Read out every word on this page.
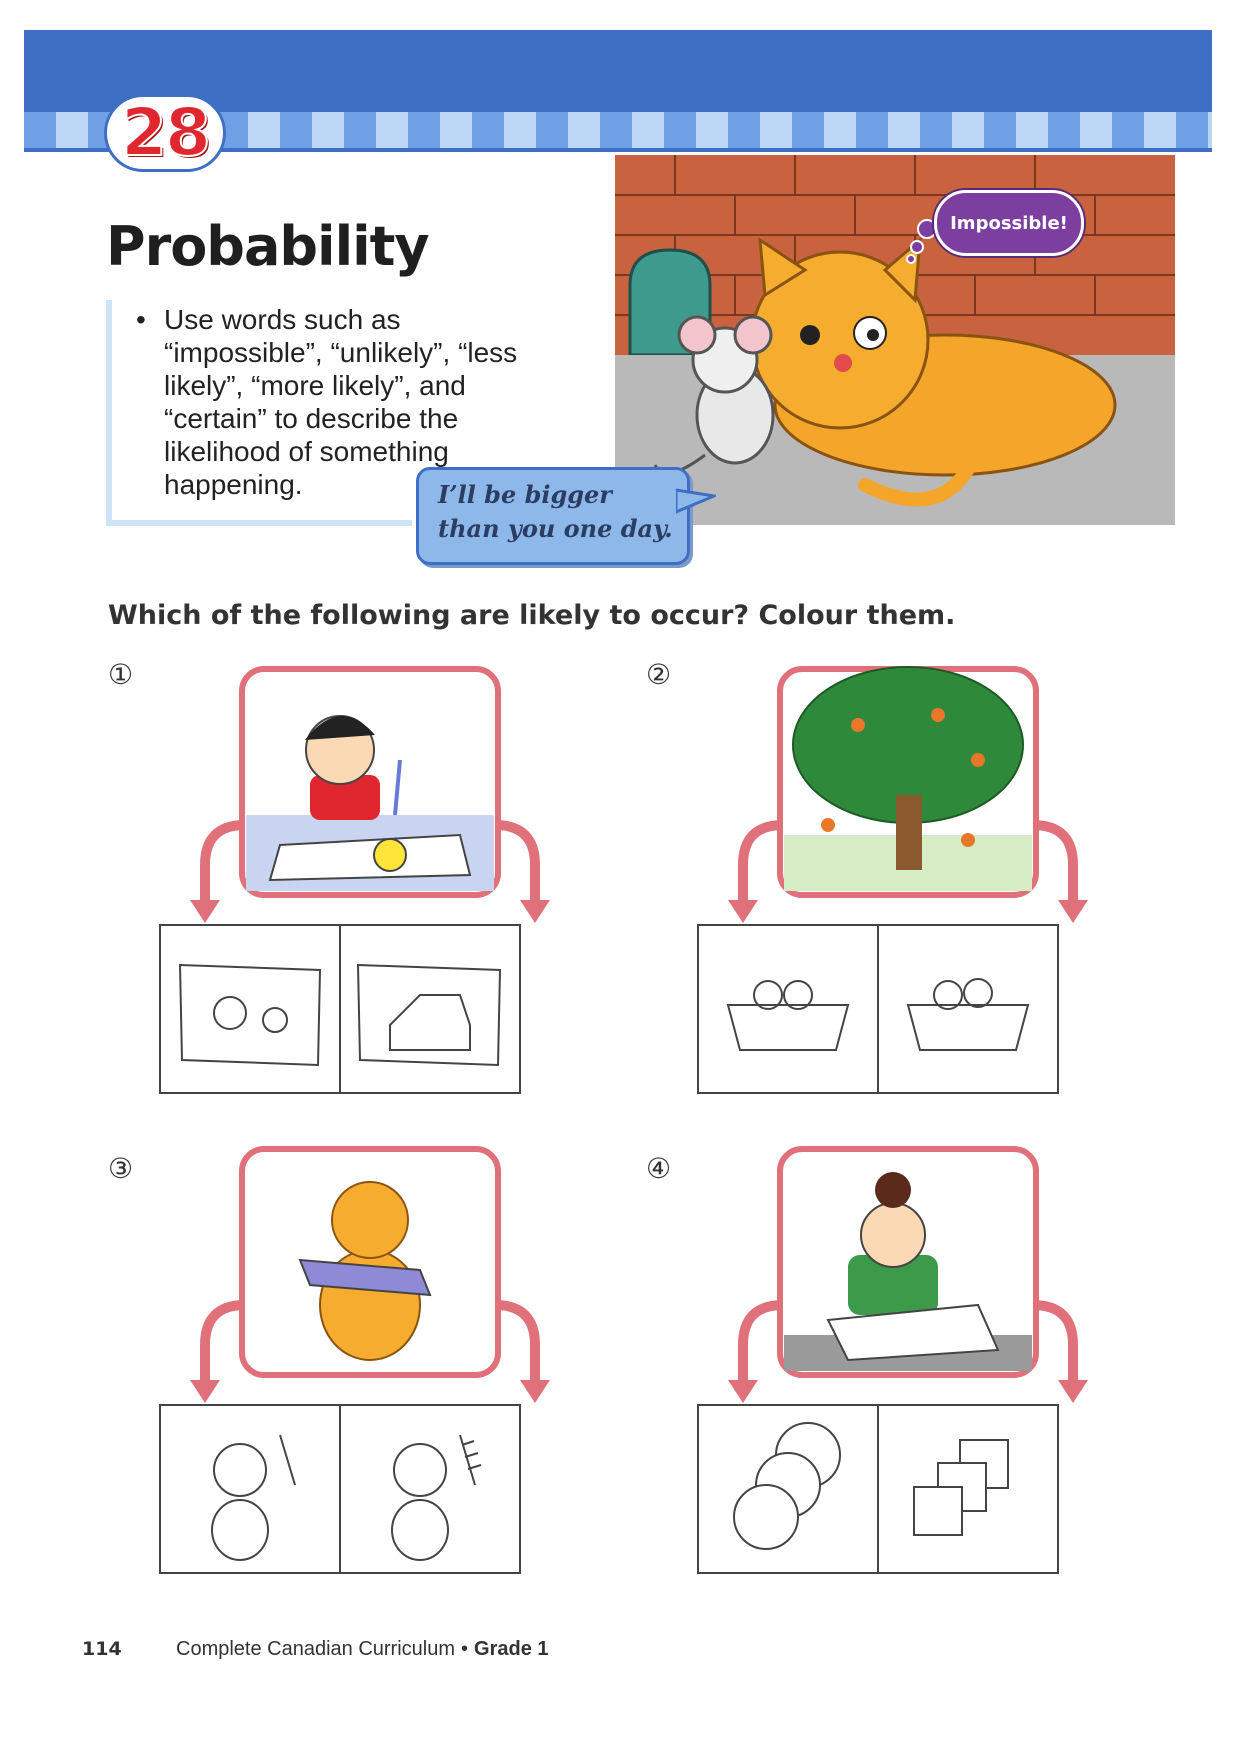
28
Probability
• Use words such as “impossible”, “unlikely”, “less likely”, “more likely”, and “certain” to describe the likelihood of something happening.
Impossible!
I’ll be bigger than you one day.

Which of the following are likely to occur? Colour them.

①	②
③	④
114	Complete Canadian Curriculum • Grade 1
